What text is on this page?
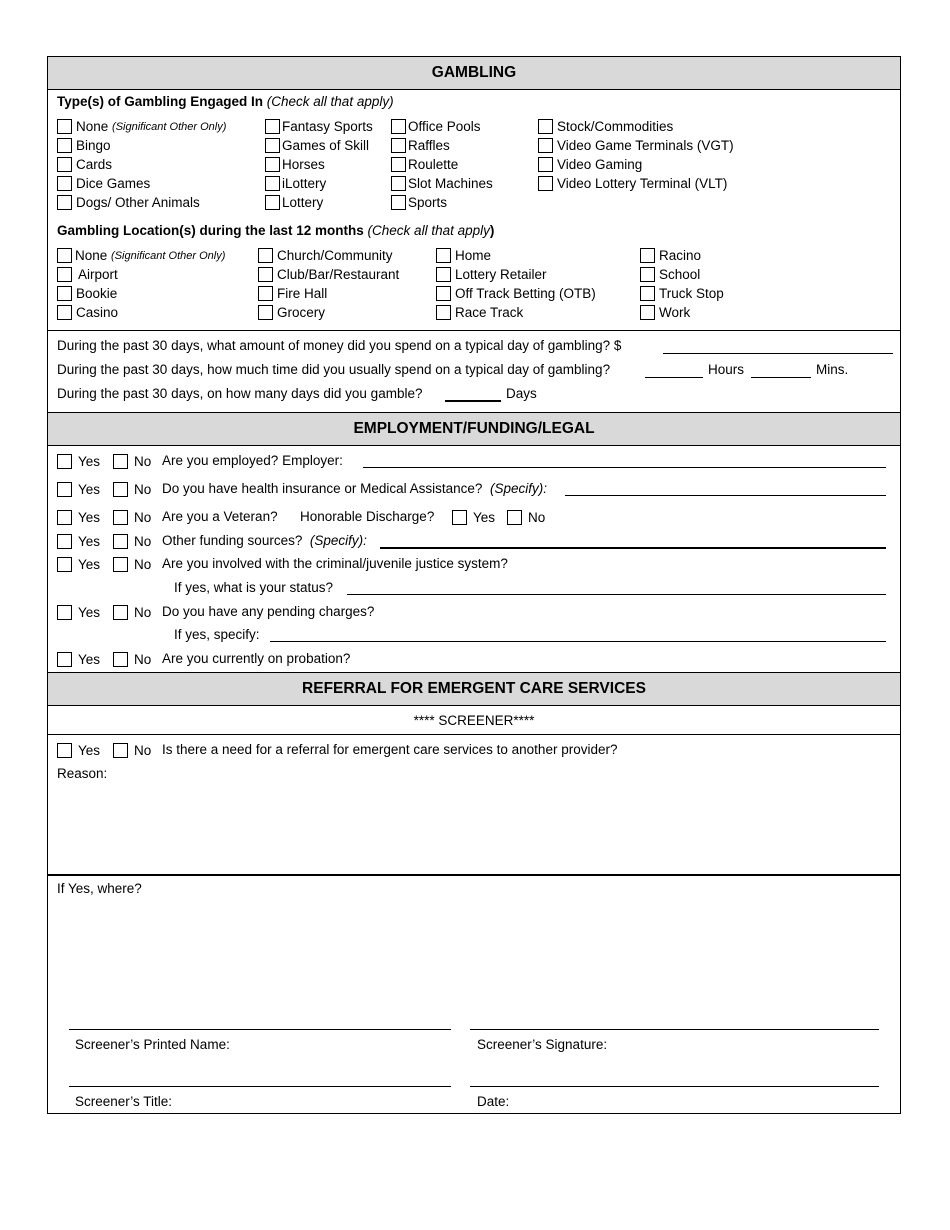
GAMBLING
Type(s) of Gambling Engaged In (Check all that apply)
None
(Significant Other Only)
Bingo
Cards
Dice Games
Dogs/ Other Animals
Fantasy Sports
Games of Skill
Horses
iLottery
Lottery
Office Pools
Raffles
Roulette
Slot Machines
Sports
Stock/Commodities
Video Game Terminals (VGT)
Video Gaming
Video Lottery Terminal (VLT)
Gambling Location(s) during the last 12 months (Check all that apply)
None
(Significant Other Only)
Airport
Bookie
Casino
Church/Community
Club/Bar/Restaurant
Fire Hall
Grocery
Home
Lottery Retailer
Off Track Betting (OTB)
Race Track
Racino
School
Truck Stop
Work
During the past 30 days, what amount of money did you spend on a typical day of gambling? $
During the past 30 days, how much time did you usually spend on a typical day of gambling?	Hours	Mins.
During the past 30 days, on how many days did you gamble?	Days
EMPLOYMENT/FUNDING/LEGAL
Yes	No Are you employed? Employer:
Yes	No Do you have health insurance or Medical Assistance? (Specify):
Yes	No Are you a Veteran? Honorable Discharge?	Yes No
Yes	No Other funding sources? (Specify):
Yes	No Are you involved with the criminal/juvenile justice system?
If yes, what is your status?
Yes	No Do you have any pending charges?
If yes, specify:
Yes	No Are you currently on probation?
REFERRAL FOR EMERGENT CARE SERVICES
**** SCREENER****
Yes	No Is there a need for a referral for emergent care services to another provider?
Reason:
If Yes, where?
Screener’s Printed Name:	Screener’s Signature:
Screener’s Title:	Date:
